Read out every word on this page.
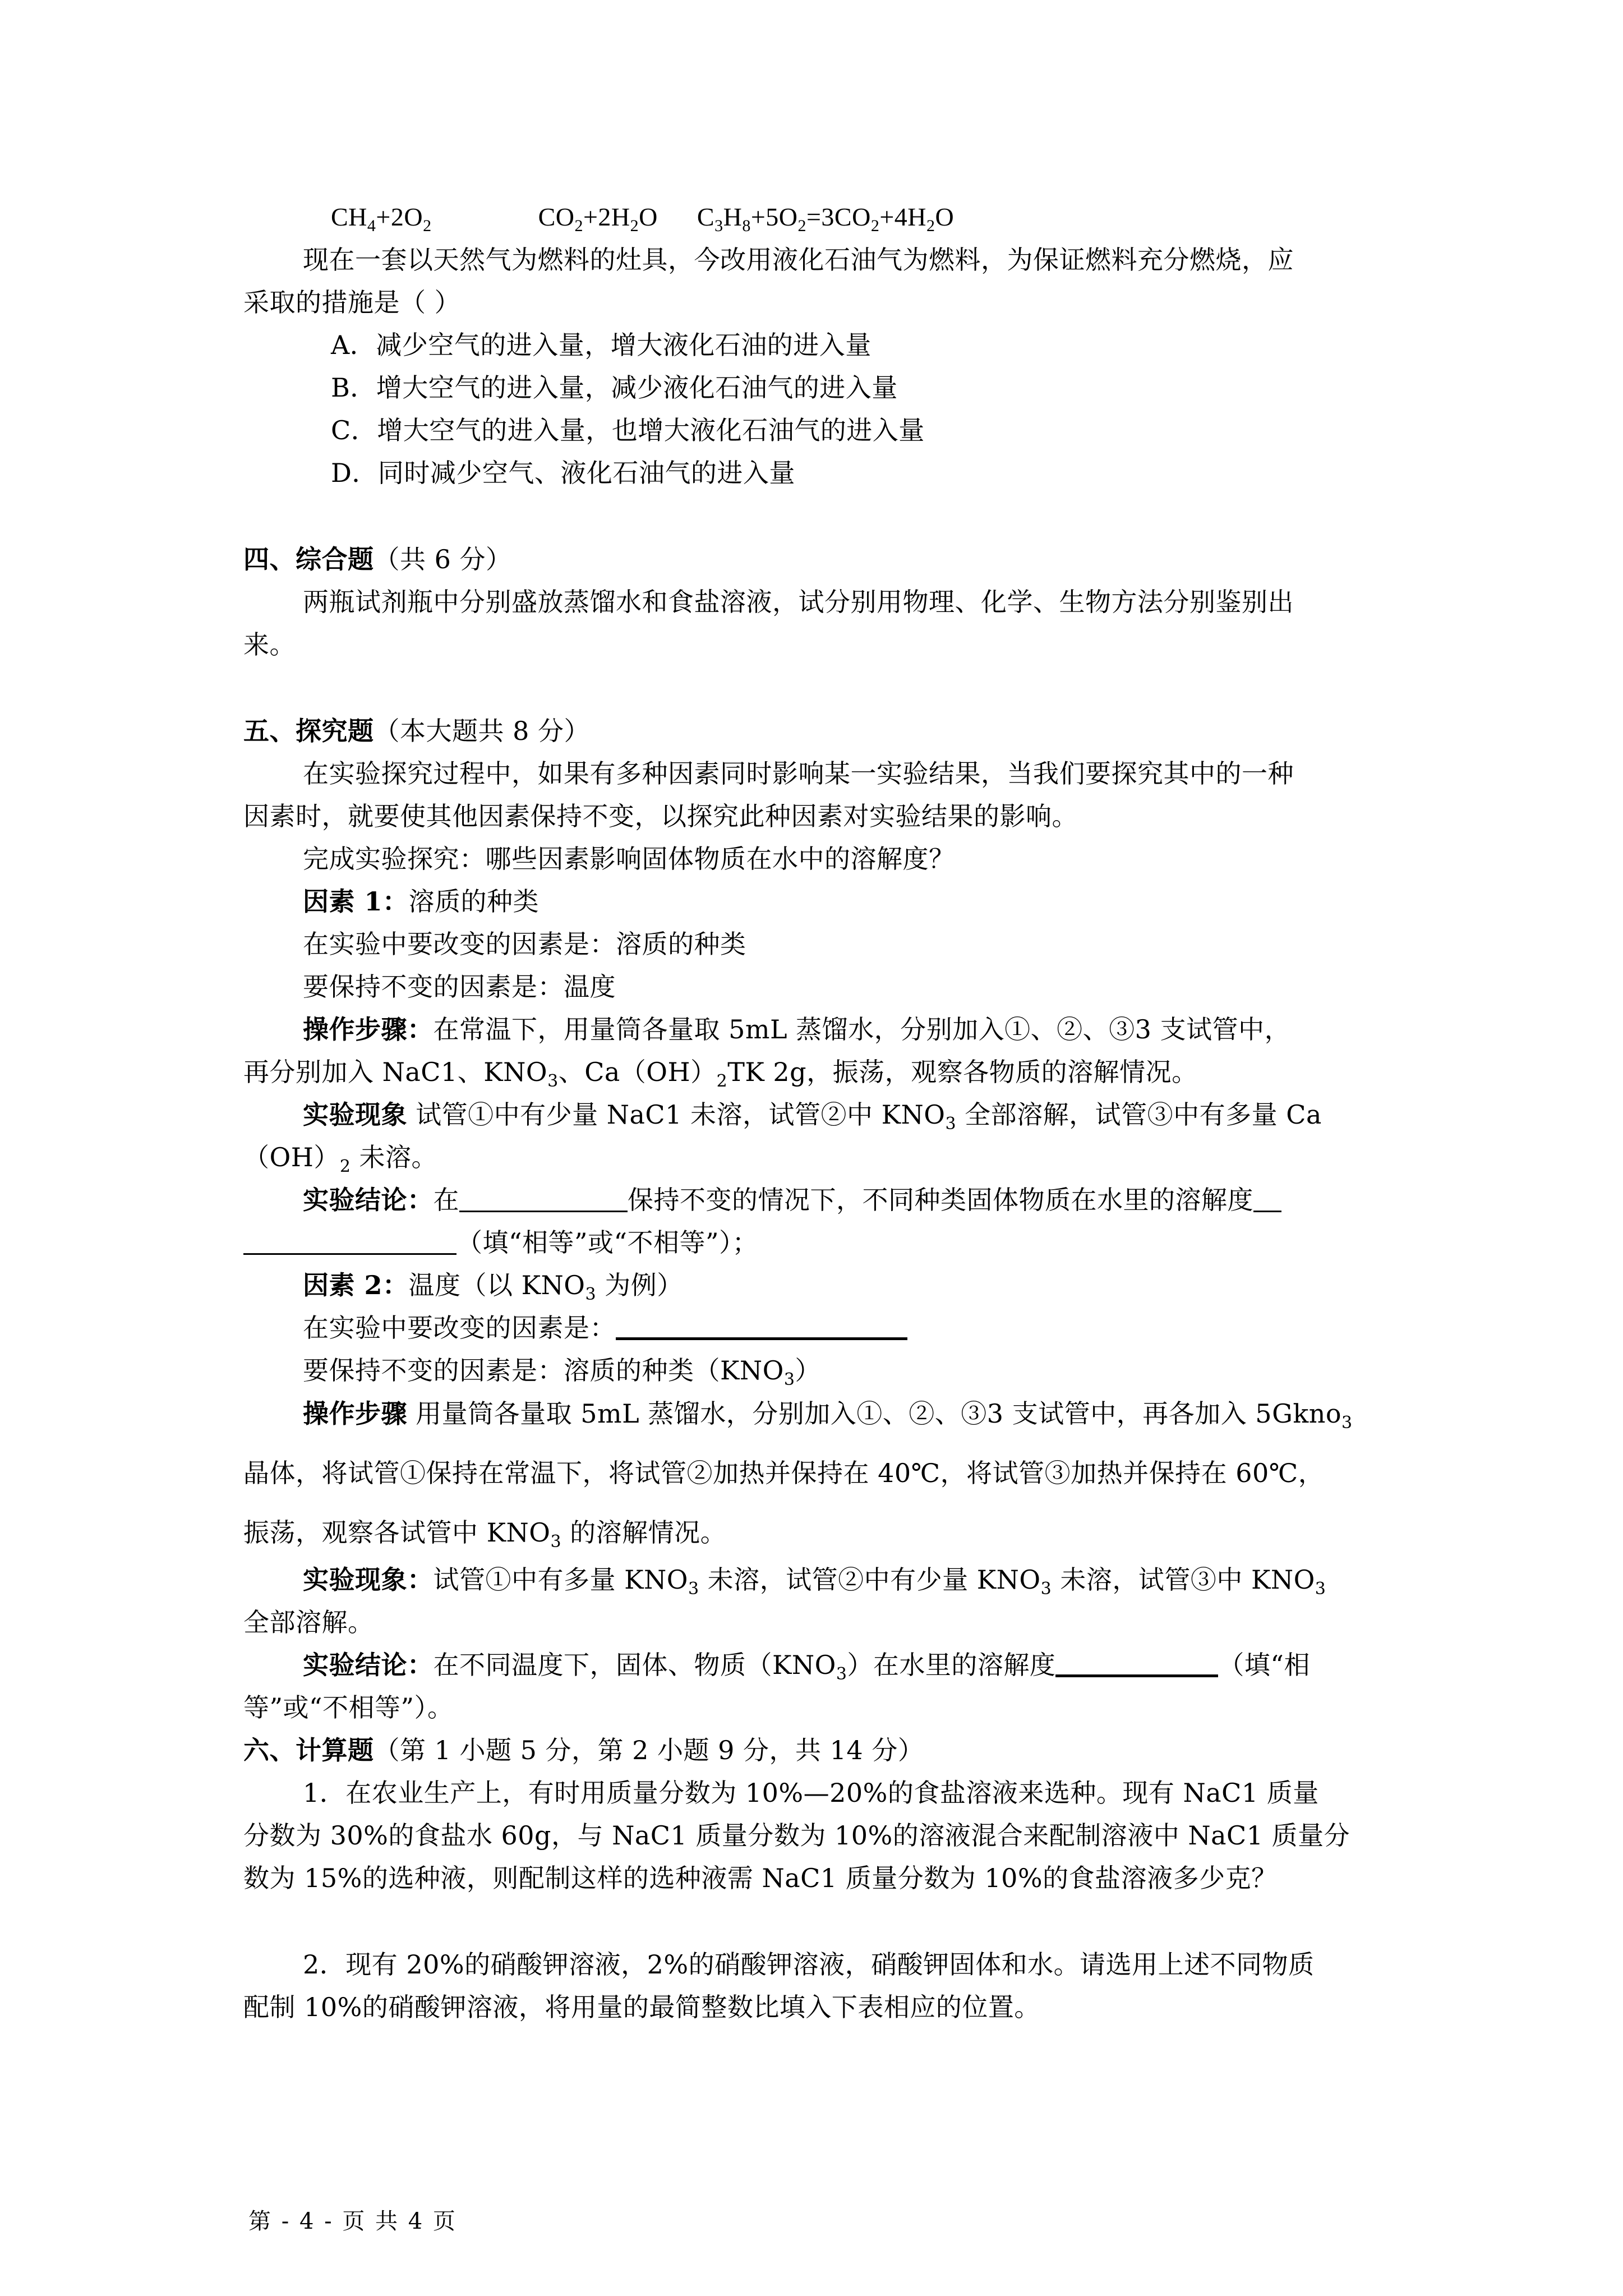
$CH_4+2O_2$	$CO_2+2H_2O$ $C_3H_8+5O_2=3CO_2+4H_2O$
现在一套以天然气为燃料的灶具，今改用液化石油气为燃料，为保证燃料充分燃烧，应
采取的措施是（ ）
A．减少空气的进入量，增大液化石油的进入量
B．增大空气的进入量，减少液化石油气的进入量
C．增大空气的进入量，也增大液化石油气的进入量
D．同时减少空气、液化石油气的进入量
四、综合题（共 6 分）
两瓶试剂瓶中分别盛放蒸馏水和食盐溶液，试分别用物理、化学、生物方法分别鉴别出
来。
五、探究题（本大题共 8 分）
在实验探究过程中，如果有多种因素同时影响某一实验结果，当我们要探究其中的一种
因素时，就要使其他因素保持不变，以探究此种因素对实验结果的影响。
完成实验探究：哪些因素影响固体物质在水中的溶解度？
因素 1：溶质的种类
在实验中要改变的因素是：溶质的种类
要保持不变的因素是：温度
操作步骤：在常温下，用量筒各量取 5mL 蒸馏水，分别加入①、②、③3 支试管中，
再分别加入 NaC1、$KNO_3$、$Ca(OH)_2TK$ 2g，振荡，观察各物质的溶解情况。
实验现象 试管①中有少量 NaC1 未溶，试管②中 $KNO_3$ 全部溶解，试管③中有多量 Ca
$(OH)_2$ 未溶。
实验结论：在	保持不变的情况下，不同种类固体物质在水里的溶解度
（填“相等”或“不相等”）；
因素 2：温度（以 $KNO_3$ 为例）
在实验中要改变的因素是：
要保持不变的因素是：溶质的种类$(KNO_3)$
操作步骤 用量筒各量取 5mL 蒸馏水，分别加入①、②、③3 支试管中，再各加入 5Gkno$_3$
晶体，将试管①保持在常温下，将试管②加热并保持在 40℃，将试管③加热并保持在 60℃，
振荡，观察各试管中 $KNO_3$ 的溶解情况。
实验现象：试管①中有多量 $KNO_3$ 未溶，试管②中有少量 $KNO_3$ 未溶，试管③中 $KNO_3$
全部溶解。
实验结论：在不同温度下，固体、物质$(KNO_3)$在水里的溶解度	（填“相
等”或“不相等”）。
六、计算题（第 1 小题 5 分，第 2 小题 9 分，共 14 分）
1．在农业生产上，有时用质量分数为 10%—20%的食盐溶液来选种。现有 NaC1 质量
分数为 30%的食盐水 60g，与 NaC1 质量分数为 10%的溶液混合来配制溶液中 NaC1 质量分
数为 15%的选种液，则配制这样的选种液需 NaC1 质量分数为 10%的食盐溶液多少克？
2．现有 20%的硝酸钾溶液，2%的硝酸钾溶液，硝酸钾固体和水。请选用上述不同物质
配制 10%的硝酸钾溶液，将用量的最简整数比填入下表相应的位置。
第 - 4 - 页 共 4 页
